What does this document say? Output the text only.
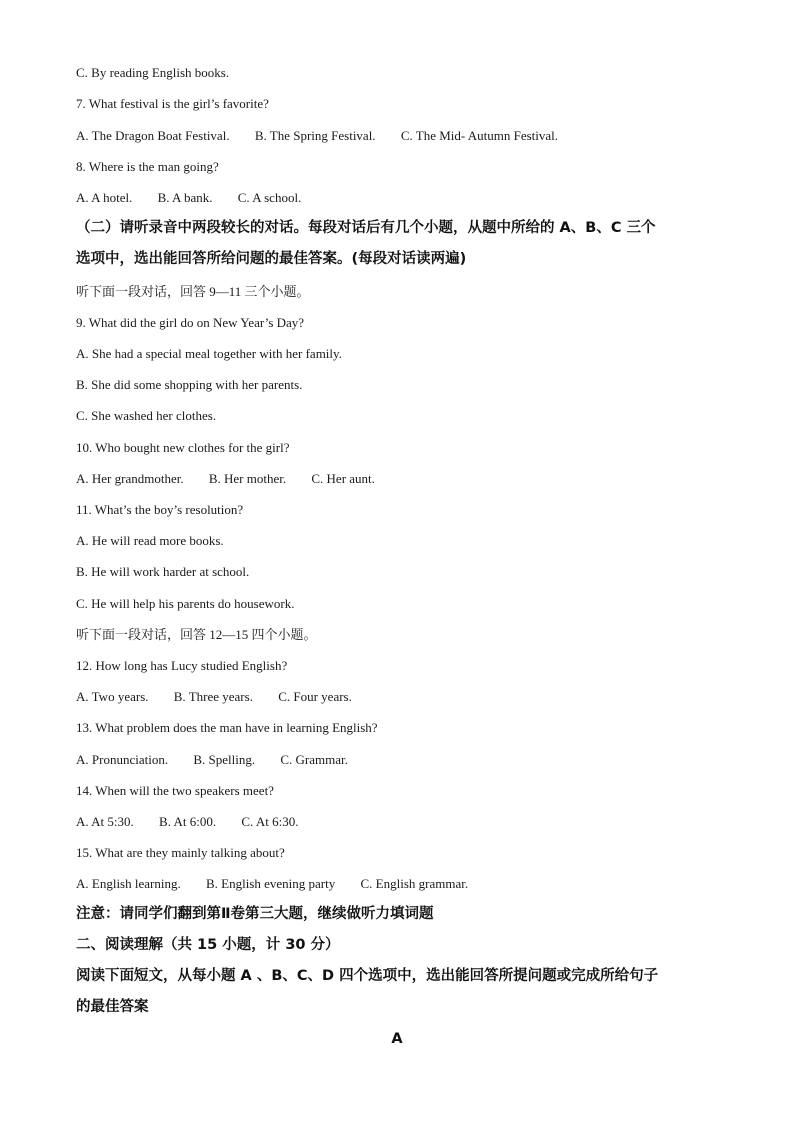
C. By reading English books.
7. What festival is the girl’s favorite?
A. The Dragon Boat Festival. B. The Spring Festival. C. The Mid- Autumn Festival.
8. Where is the man going?
A. A hotel. B. A bank. C. A school.
（二）请听录音中两段较长的对话。每段对话后有几个小题，从题中所给的 A、B、C 三个
选项中，选出能回答所给问题的最佳答案。(每段对话读两遍)
听下面一段对话，回答 9—11 三个小题。
9. What did the girl do on New Year’s Day?
A. She had a special meal together with her family.
B. She did some shopping with her parents.
C. She washed her clothes.
10. Who bought new clothes for the girl?
A. Her grandmother. B. Her mother. C. Her aunt.
11. What’s the boy’s resolution?
A. He will read more books.
B. He will work harder at school.
C. He will help his parents do housework.
听下面一段对话，回答 12—15 四个小题。
12. How long has Lucy studied English?
A. Two years. B. Three years. C. Four years.
13. What problem does the man have in learning English?
A. Pronunciation. B. Spelling. C. Grammar.
14. When will the two speakers meet?
A. At 5:30. B. At 6:00. C. At 6:30.
15. What are they mainly talking about?
A. English learning. B. English evening party C. English grammar.
注意：请同学们翻到第Ⅱ卷第三大题，继续做听力填词题
二、阅读理解（共 15 小题，计 30 分）
阅读下面短文，从每小题 A 、B、C、D 四个选项中，选出能回答所提问题或完成所给句子
的最佳答案
A
